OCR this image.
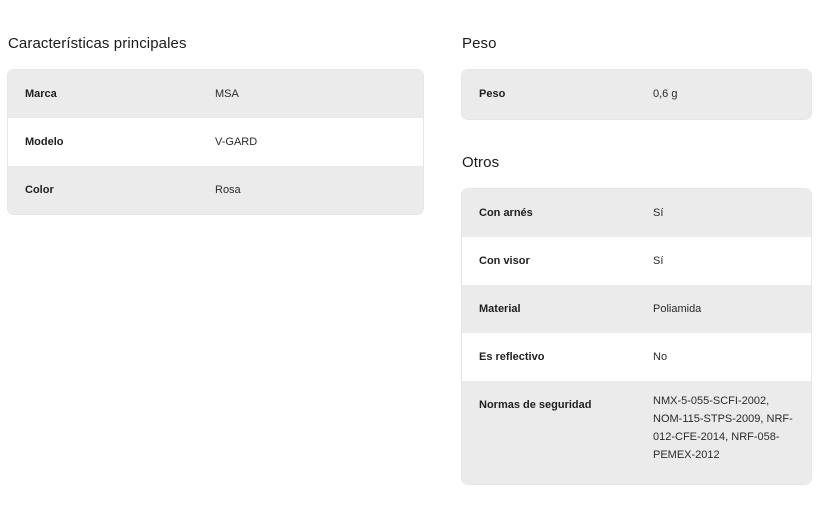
Características principales
Marca	MSA
Modelo	V-GARD
Color	Rosa
Peso
Peso	0,6 g
Otros
Con arnés	Sí
Con visor	Sí
Material	Poliamida
Es reflectivo	No
Normas de seguridad	NMX-5-055-SCFI-2002, NOM-115-STPS-2009, NRF-012-CFE-2014, NRF-058-PEMEX-2012
